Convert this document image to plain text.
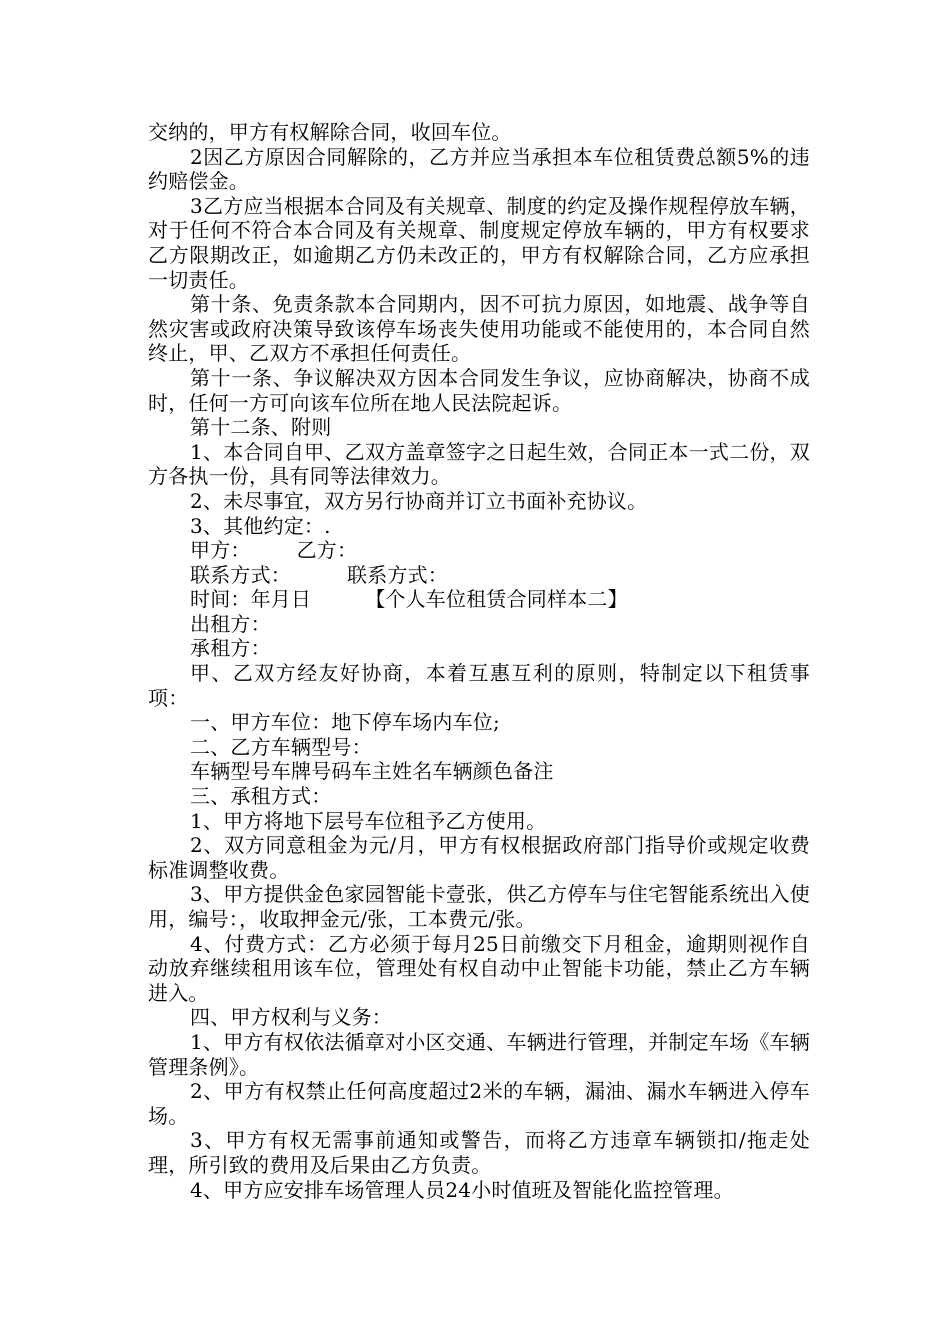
交纳的，甲方有权解除合同，收回车位。

2因乙方原因合同解除的，乙方并应当承担本车位租赁费总额5%的违约赔偿金。

3乙方应当根据本合同及有关规章、制度的约定及操作规程停放车辆，对于任何不符合本合同及有关规章、制度规定停放车辆的，甲方有权要求乙方限期改正，如逾期乙方仍未改正的，甲方有权解除合同，乙方应承担一切责任。

第十条、免责条款本合同期内，因不可抗力原因，如地震、战争等自然灾害或政府决策导致该停车场丧失使用功能或不能使用的，本合同自然终止，甲、乙双方不承担任何责任。

第十一条、争议解决双方因本合同发生争议，应协商解决，协商不成时，任何一方可向该车位所在地人民法院起诉。

第十二条、附则

1、本合同自甲、乙双方盖章签字之日起生效，合同正本一式二份，双方各执一份，具有同等法律效力。

2、未尽事宜，双方另行协商并订立书面补充协议。

3、其他约定：.

甲方： 乙方：

联系方式：	联系方式：

时间：年月日	【个人车位租赁合同样本二】

出租方：

承租方：

甲、乙双方经友好协商，本着互惠互利的原则，特制定以下租赁事项：

一、甲方车位：地下停车场内车位;

二、乙方车辆型号：

车辆型号车牌号码车主姓名车辆颜色备注

三、承租方式：

1、甲方将地下层号车位租予乙方使用。

2、双方同意租金为元/月，甲方有权根据政府部门指导价或规定收费标准调整收费。

3、甲方提供金色家园智能卡壹张，供乙方停车与住宅智能系统出入使用，编号：，收取押金元/张，工本费元/张。

4、付费方式：乙方必须于每月25日前缴交下月租金，逾期则视作自动放弃继续租用该车位，管理处有权自动中止智能卡功能，禁止乙方车辆进入。

四、甲方权利与义务：

1、甲方有权依法循章对小区交通、车辆进行管理，并制定车场《车辆管理条例》。

2、甲方有权禁止任何高度超过2米的车辆，漏油、漏水车辆进入停车场。

3、甲方有权无需事前通知或警告，而将乙方违章车辆锁扣/拖走处理，所引致的费用及后果由乙方负责。

4、甲方应安排车场管理人员24小时值班及智能化监控管理。
